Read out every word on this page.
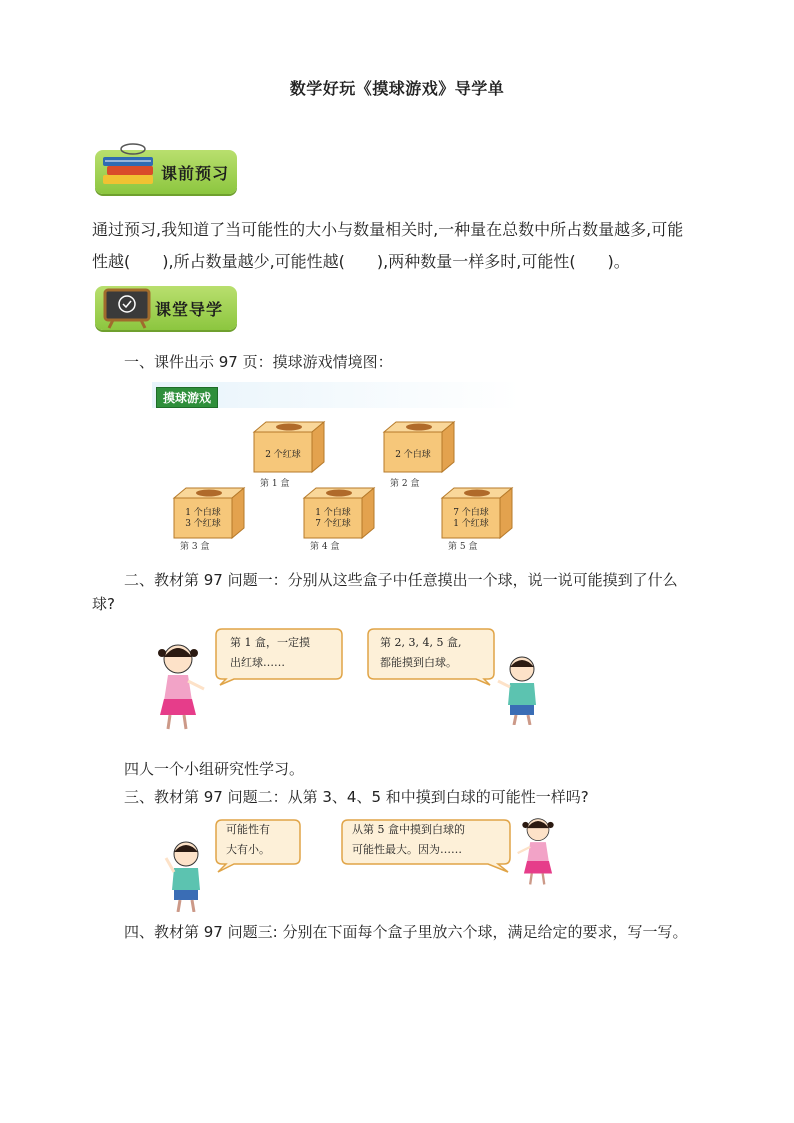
数学好玩《摸球游戏》导学单
课前预习
通过预习,我知道了当可能性的大小与数量相关时,一种量在总数中所占数量越多,可能
性越(　　),所占数量越少,可能性越(　　),两种数量一样多时,可能性(　　)。
课堂导学
一、课件出示 97 页：摸球游戏情境图：
摸球游戏
2 个红球
第 1 盒
2 个白球
第 2 盒
1 个白球
3 个红球
第 3 盒
1 个白球
7 个红球
第 4 盒
7 个白球
1 个红球
第 5 盒
二、教材第 97 问题一：分别从这些盒子中任意摸出一个球，说一说可能摸到了什么
球?
第 1 盒，一定摸
出红球……
第 2, 3, 4, 5 盒,
都能摸到白球。
四人一个小组研究性学习。
三、教材第 97 问题二：从第 3、4、5 和中摸到白球的可能性一样吗?
可能性有
大有小。
从第 5 盒中摸到白球的
可能性最大。因为……
四、教材第 97 问题三: 分别在下面每个盒子里放六个球，满足给定的要求，写一写。
